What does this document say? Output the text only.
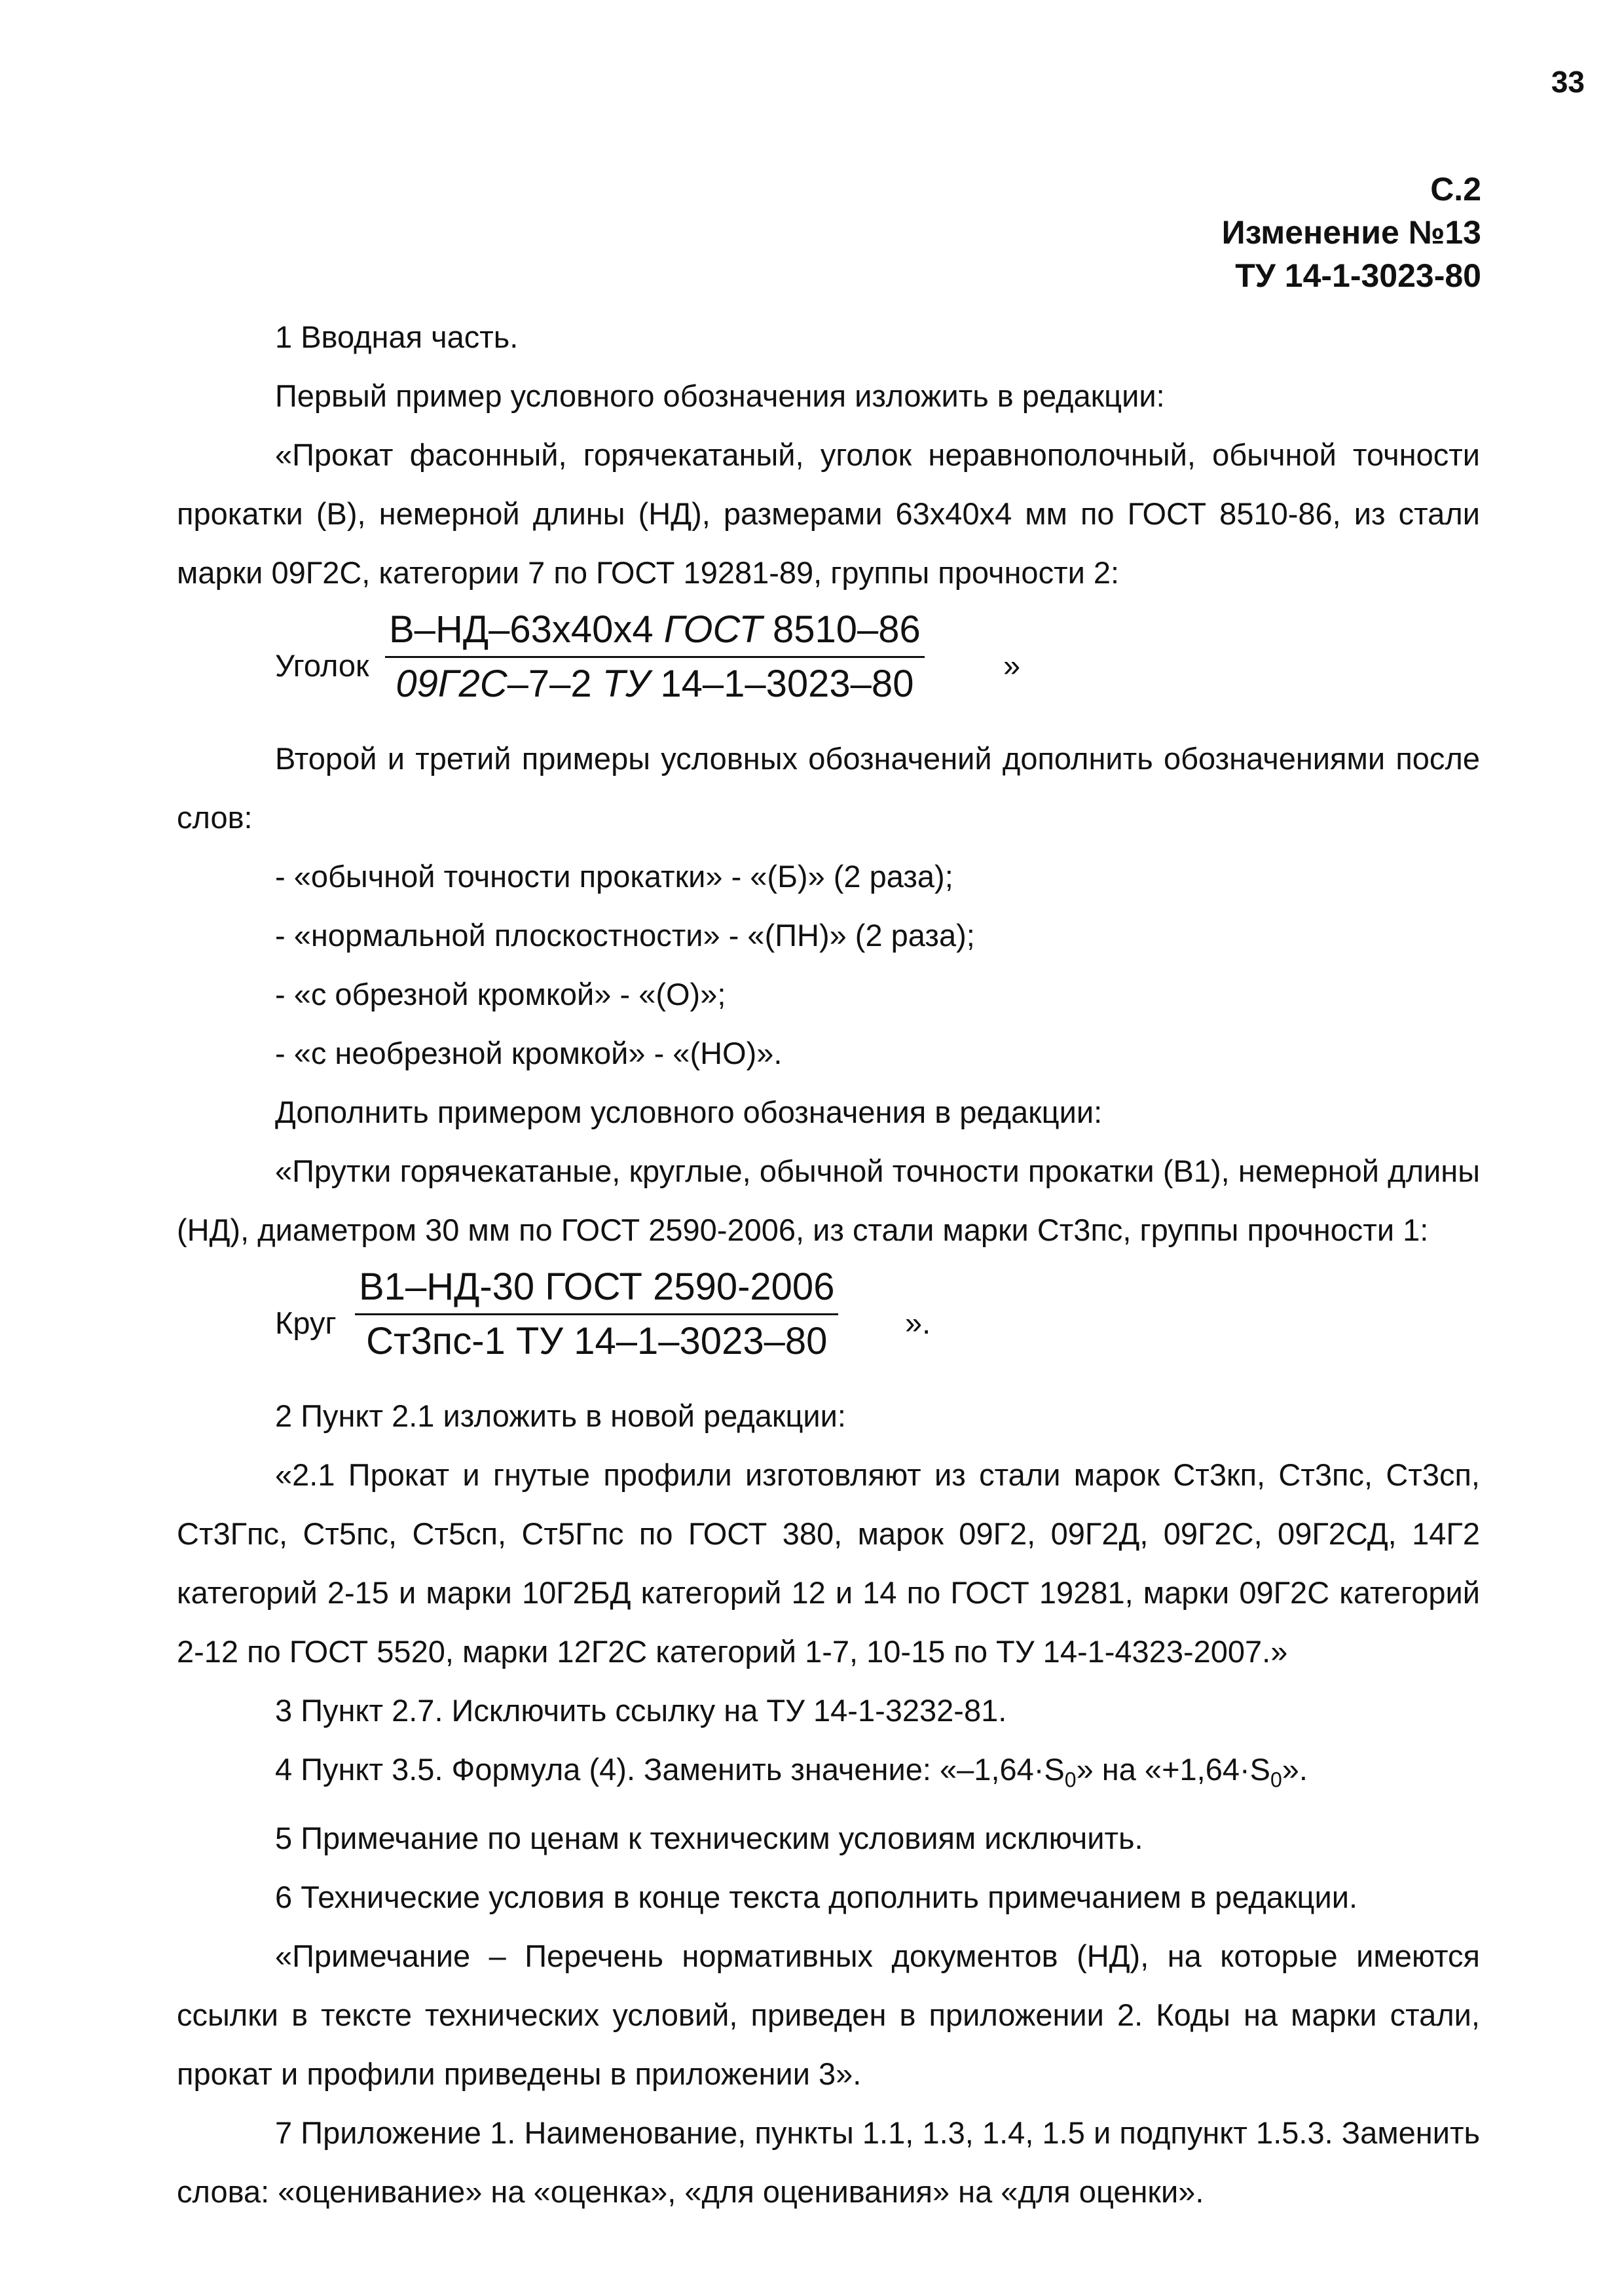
33
С.2
Изменение №13
ТУ 14-1-3023-80

1 Вводная часть.

Первый пример условного обозначения изложить в редакции:

«Прокат фасонный, горячекатаный, уголок неравнополочный, обычной точности прокатки (В), немерной длины (НД), размерами 63х40х4 мм по ГОСТ 8510-86, из стали марки 09Г2С, категории 7 по ГОСТ 19281-89, группы прочности 2:

Уголок
В–НД–63х40х4 ГОСТ 8510–86
09Г2С–7–2 ТУ 14–1–3023–80	»

Второй и третий примеры условных обозначений дополнить обозначениями после слов:

- «обычной точности прокатки» - «(Б)» (2 раза);

- «нормальной плоскостности» - «(ПН)» (2 раза);

- «с обрезной кромкой» - «(О)»;

- «с необрезной кромкой» - «(НО)».

Дополнить примером условного обозначения в редакции:

«Прутки горячекатаные, круглые, обычной точности прокатки (В1), немерной длины (НД), диаметром 30 мм по ГОСТ 2590-2006, из стали марки Ст3пс, группы прочности 1:

Круг
В1–НД-30 ГОСТ 2590-2006
Ст3пс-1 ТУ 14–1–3023–80	».

2 Пункт 2.1 изложить в новой редакции:

«2.1 Прокат и гнутые профили изготовляют из стали марок Ст3кп, Ст3пс, Ст3сп, Ст3Гпс, Ст5пс, Ст5сп, Ст5Гпс по ГОСТ 380, марок 09Г2, 09Г2Д, 09Г2С, 09Г2СД, 14Г2 категорий 2-15 и марки 10Г2БД категорий 12 и 14 по ГОСТ 19281, марки 09Г2С категорий 2-12 по ГОСТ 5520, марки 12Г2С категорий 1-7, 10-15 по ТУ 14-1-4323-2007.»

3 Пункт 2.7. Исключить ссылку на ТУ 14-1-3232-81.

4 Пункт 3.5. Формула (4). Заменить значение: «$-1,64\cdot S_0$» на «$+1,64\cdot S_0$».

5 Примечание по ценам к техническим условиям исключить.

6 Технические условия в конце текста дополнить примечанием в редакции.

«Примечание – Перечень нормативных документов (НД), на которые имеются ссылки в тексте технических условий, приведен в приложении 2. Коды на марки стали, прокат и профили приведены в приложении 3».

7 Приложение 1. Наименование, пункты 1.1, 1.3, 1.4, 1.5 и подпункт 1.5.3. Заменить слова: «оценивание» на «оценка», «для оценивания» на «для оценки».
